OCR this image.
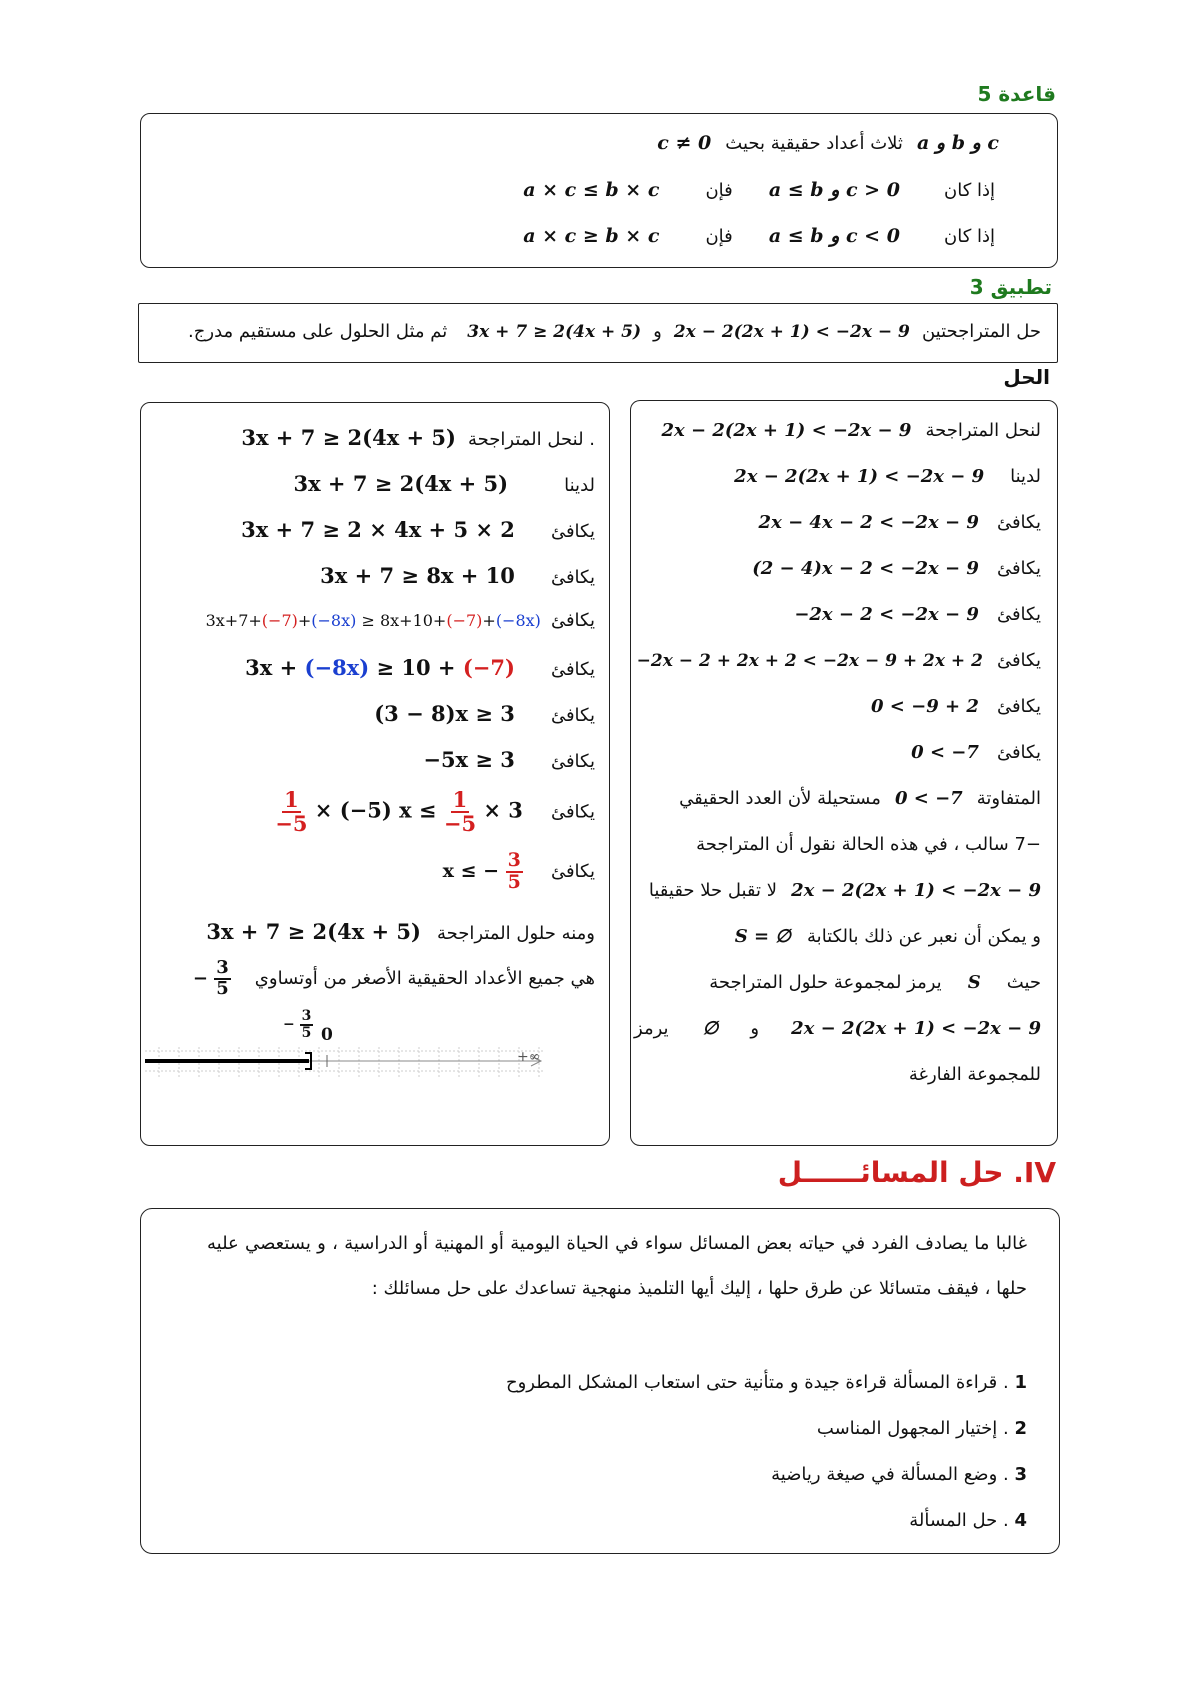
قاعدة 5
a و b و c ثلاث أعداد حقيقية بحيث c ≠ 0
إذا كان a ≤ b و c > 0 فإن a × c ≤ b × c
إذا كان a ≤ b و c < 0 فإن a × c ≥ b × c
تطبيق 3
حل المتراجحتين 2x − 2(2x + 1) < −2x − 9 و 3x + 7 ≥ 2(4x + 5) ثم مثل الحلول على مستقيم مدرج.
الحل
لنحل المتراجحة 2x − 2(2x + 1) < −2x − 9
لدينا 2x − 2(2x + 1) < −2x − 9
يكافئ 2x − 4x − 2 < −2x − 9
يكافئ (2 − 4)x − 2 < −2x − 9
يكافئ −2x − 2 < −2x − 9
يكافئ −2x − 2 + 2x + 2 < −2x − 9 + 2x + 2
يكافئ 0 < −9 + 2
يكافئ 0 < −7
المتفاوتة 0 < −7 مستحيلة لأن العدد الحقيقي
−7 سالب ، في هذه الحالة نقول أن المتراجحة
2x − 2(2x + 1) < −2x − 9 لا تقبل حلا حقيقيا
و يمكن أن نعبر عن ذلك بالكتابة S = ∅
حيث S يرمز لمجموعة حلول المتراجحة
2x − 2(2x + 1) < −2x − 9 و ∅ يرمز
للمجموعة الفارغة
. لنحل المتراجحة 3x + 7 ≥ 2(4x + 5)
لدينا 3x + 7 ≥ 2(4x + 5)
يكافئ 3x + 7 ≥ 2 × 4x + 5 × 2
يكافئ 3x + 7 ≥ 8x + 10
يكافئ 3x+7+(−7)+(−8x) ≥ 8x+10+(−7)+(−8x)
يكافئ 3x + (−8x) ≥ 10 + (−7)
يكافئ (3 − 8)x ≥ 3
يكافئ −5x ≥ 3
يكافئ
$\frac{1}{-5} \times (-5) x \le \frac{1}{-5} \times 3$
يكافئ x ≤ − $\frac{3}{5}$
ومنه حلول المتراجحة 3x + 7 ≥ 2(4x + 5)
هي جميع الأعداد الحقيقية الأصغر من أوتساوي − $\frac{3}{5}$
− $\frac{3}{5} 0$
+∞
IV. حل المسائــــــل
غالبا ما يصادف الفرد في حياته بعض المسائل سواء في الحياة اليومية أو المهنية أو الدراسية ، و يستعصي عليه حلها ، فيقف متسائلا عن طرق حلها ، إليك أيها التلميذ منهجية تساعدك على حل مسائلك :
1 . قراءة المسألة قراءة جيدة و متأنية حتى استعاب المشكل المطروح
2 . إختيار المجهول المناسب
3 . وضع المسألة في صيغة رياضية
4 . حل المسألة
